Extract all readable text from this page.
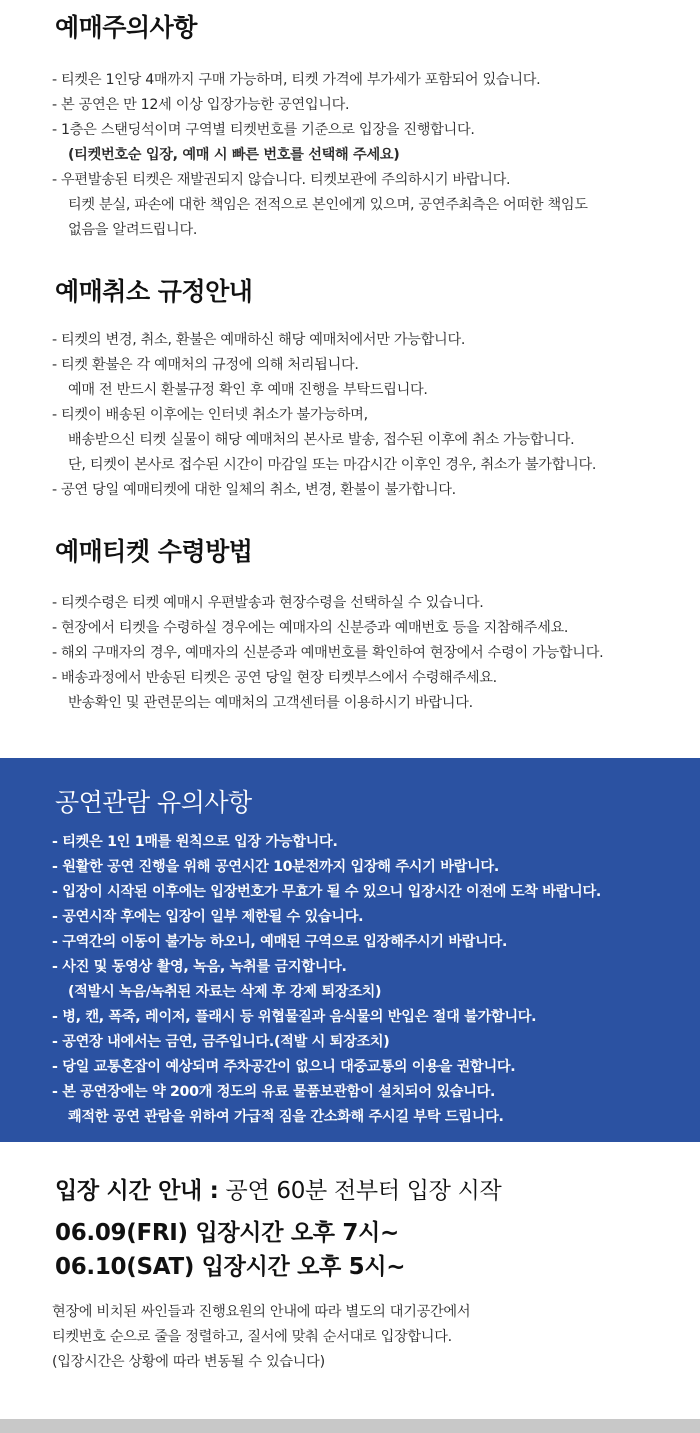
예매주의사항
- 티켓은 1인당 4매까지 구매 가능하며, 티켓 가격에 부가세가 포함되어 있습니다.
- 본 공연은 만 12세 이상 입장가능한 공연입니다.
- 1층은 스탠딩석이며 구역별 티켓번호를 기준으로 입장을 진행합니다.
(티켓번호순 입장, 예매 시 빠른 번호를 선택해 주세요)
- 우편발송된 티켓은 재발권되지 않습니다. 티켓보관에 주의하시기 바랍니다.
티켓 분실, 파손에 대한 책임은 전적으로 본인에게 있으며, 공연주최측은 어떠한 책임도
없음을 알려드립니다.
예매취소 규정안내
- 티켓의 변경, 취소, 환불은 예매하신 해당 예매처에서만 가능합니다.
- 티켓 환불은 각 예매처의 규정에 의해 처리됩니다.
예매 전 반드시 환불규정 확인 후 예매 진행을 부탁드립니다.
- 티켓이 배송된 이후에는 인터넷 취소가 불가능하며,
배송받으신 티켓 실물이 해당 예매처의 본사로 발송, 접수된 이후에 취소 가능합니다.
단, 티켓이 본사로 접수된 시간이 마감일 또는 마감시간 이후인 경우, 취소가 불가합니다.
- 공연 당일 예매티켓에 대한 일체의 취소, 변경, 환불이 불가합니다.
예매티켓 수령방법
- 티켓수령은 티켓 예매시 우편발송과 현장수령을 선택하실 수 있습니다.
- 현장에서 티켓을 수령하실 경우에는 예매자의 신분증과 예매번호 등을 지참해주세요.
- 해외 구매자의 경우, 예매자의 신분증과 예매번호를 확인하여 현장에서 수령이 가능합니다.
- 배송과정에서 반송된 티켓은 공연 당일 현장 티켓부스에서 수령해주세요.
반송확인 및 관련문의는 예매처의 고객센터를 이용하시기 바랍니다.
공연관람 유의사항
- 티켓은 1인 1매를 원칙으로 입장 가능합니다.
- 원활한 공연 진행을 위해 공연시간 10분전까지 입장해 주시기 바랍니다.
- 입장이 시작된 이후에는 입장번호가 무효가 될 수 있으니 입장시간 이전에 도착 바랍니다.
- 공연시작 후에는 입장이 일부 제한될 수 있습니다.
- 구역간의 이동이 불가능 하오니, 예매된 구역으로 입장해주시기 바랍니다.
- 사진 및 동영상 촬영, 녹음, 녹취를 금지합니다.
(적발시 녹음/녹취된 자료는 삭제 후 강제 퇴장조치)
- 병, 캔, 폭죽, 레이저, 플래시 등 위협물질과 음식물의 반입은 절대 불가합니다.
- 공연장 내에서는 금연, 금주입니다.(적발 시 퇴장조치)
- 당일 교통혼잡이 예상되며 주차공간이 없으니 대중교통의 이용을 권합니다.
- 본 공연장에는 약 200개 정도의 유료 물품보관함이 설치되어 있습니다.
쾌적한 공연 관람을 위하여 가급적 짐을 간소화해 주시길 부탁 드립니다.

입장 시간 안내 : 공연 60분 전부터 입장 시작

06.09(FRI) 입장시간 오후 7시~

06.10(SAT) 입장시간 오후 5시~

현장에 비치된 싸인들과 진행요원의 안내에 따라 별도의 대기공간에서
티켓번호 순으로 줄을 정렬하고, 질서에 맞춰 순서대로 입장합니다.
(입장시간은 상황에 따라 변동될 수 있습니다)
